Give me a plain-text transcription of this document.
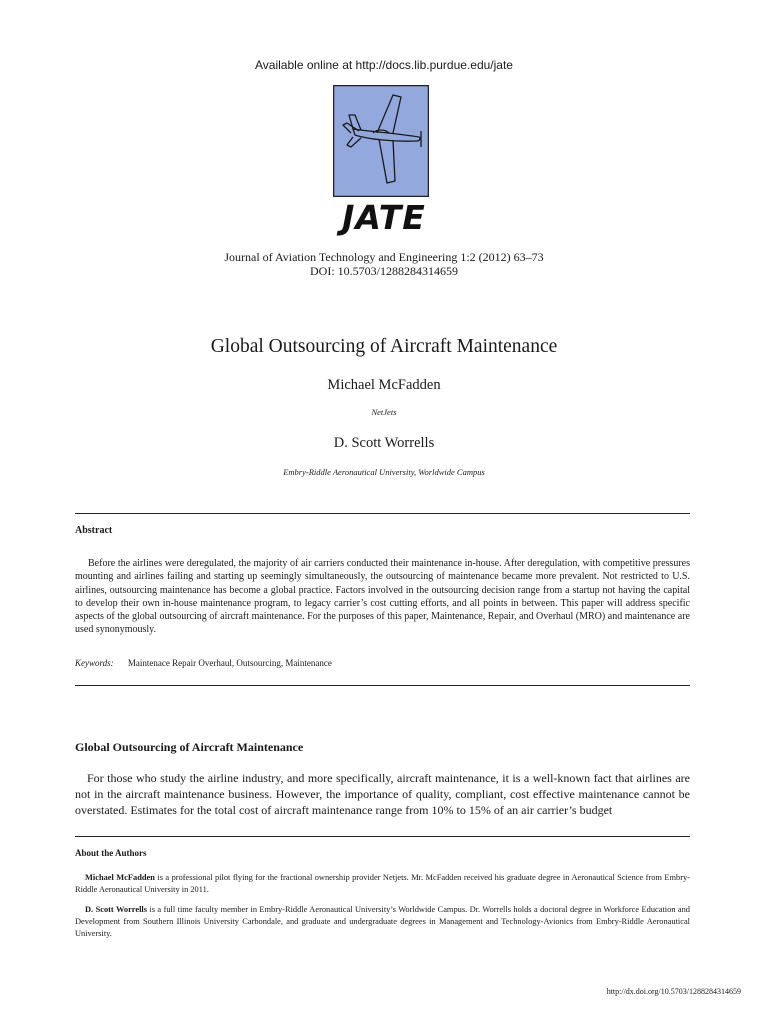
Available online at http://docs.lib.purdue.edu/jate
JATE
Journal of Aviation Technology and Engineering 1:2 (2012) 63–73
DOI: 10.5703/1288284314659
Global Outsourcing of Aircraft Maintenance
Michael McFadden
NetJets
D. Scott Worrells
Embry-Riddle Aeronautical University, Worldwide Campus
Abstract

Before the airlines were deregulated, the majority of air carriers conducted their maintenance in-house. After deregulation, with competitive pressures mounting and airlines failing and starting up seemingly simultaneously, the outsourcing of maintenance became more prevalent. Not restricted to U.S. airlines, outsourcing maintenance has become a global practice. Factors involved in the outsourcing decision range from a startup not having the capital to develop their own in-house maintenance program, to legacy carrier’s cost cutting efforts, and all points in between. This paper will address specific aspects of the global outsourcing of aircraft maintenance. For the purposes of this paper, Maintenance, Repair, and Overhaul (MRO) and maintenance are used synonymously.

Keywords: Maintenace Repair Overhaul, Outsourcing, Maintenance
Global Outsourcing of Aircraft Maintenance

For those who study the airline industry, and more specifically, aircraft maintenance, it is a well-known fact that airlines are not in the aircraft maintenance business. However, the importance of quality, compliant, cost effective maintenance cannot be overstated. Estimates for the total cost of aircraft maintenance range from 10% to 15% of an air carrier’s budget

About the Authors

Michael McFadden is a professional pilot flying for the fractional ownership provider Netjets. Mr. McFadden received his graduate degree in Aeronautical Science from Embry-Riddle Aeronautical University in 2011.

D. Scott Worrells is a full time faculty member in Embry-Riddle Aeronautical University’s Worldwide Campus. Dr. Worrells holds a doctoral degree in Workforce Education and Development from Southern Illinois University Carbondale, and graduate and undergraduate degrees in Management and Technology-Avionics from Embry-Riddle Aeronautical University.

http://dx.doi.org/10.5703/1288284314659
